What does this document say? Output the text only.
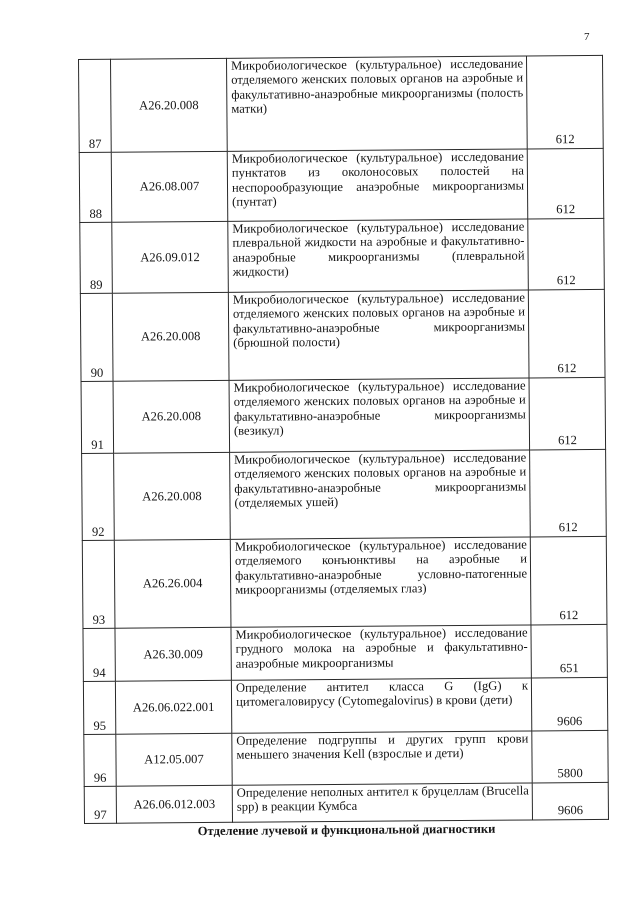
7
87	A26.20.008	Микробиологическое (культуральное) исследование отделяемого женских половых органов на аэробные и факультативно-анаэробные микроорганизмы (полость матки)	612
88	A26.08.007	Микробиологическое (культуральное) исследование пунктатов из околоносовых полостей на неспорообразующие анаэробные микроорганизмы (пунтат)	612
89	A26.09.012	Микробиологическое (культуральное) исследование плевральной жидкости на аэробные и факультативно-анаэробные микроорганизмы (плевральной жидкости)	612
90	A26.20.008	Микробиологическое (культуральное) исследование отделяемого женских половых органов на аэробные и факультативно-анаэробные микроорганизмы (брюшной полости)	612
91	A26.20.008	Микробиологическое (культуральное) исследование отделяемого женских половых органов на аэробные и факультативно-анаэробные микроорганизмы (везикул)	612
92	A26.20.008	Микробиологическое (культуральное) исследование отделяемого женских половых органов на аэробные и факультативно-анаэробные микроорганизмы (отделяемых ушей)	612
93	A26.26.004	Микробиологическое (культуральное) исследование отделяемого конъюнктивы на аэробные и факультативно-анаэробные условно-патогенные микроорганизмы (отделяемых глаз)	612
94	A26.30.009	Микробиологическое (культуральное) исследование грудного молока на аэробные и факультативно-анаэробные микроорганизмы	651
95	A26.06.022.001	Определение антител класса G (IgG) к цитомегаловирусу (Cytomegalovirus) в крови (дети)	9606
96	A12.05.007	Определение подгруппы и других групп крови меньшего значения Kell (взрослые и дети)	5800
97	A26.06.012.003	Определение неполных антител к бруцеллам (Brucella spp) в реакции Кумбса	9606
Отделение лучевой и функциональной диагностики			
